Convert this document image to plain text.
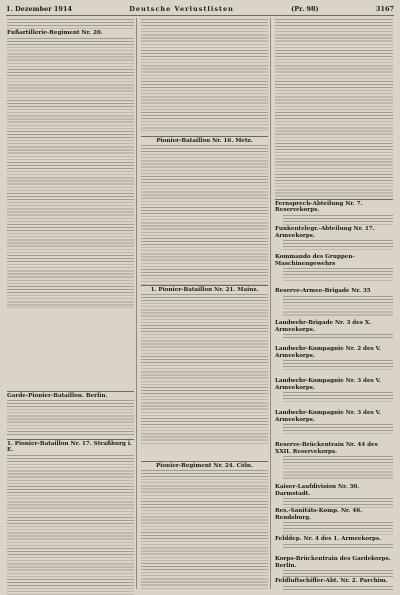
1. Dezember 1914	Deutsche Verlustlisten	(Pr. 98)	3167
Fußartillerie-Regiment Nr. 20.
Garde-Pionier-Bataillon. Berlin.
1. Pionier-Bataillon Nr. 17. Straßburg i. E.
Pionier-Bataillon Nr. 16. Metz.
1. Pionier-Bataillon Nr. 21. Mainz.
Pionier-Regiment Nr. 24. Cöln.
Fernsprech-Abteilung Nr. 7. Reservekorps.
Funkentelegr.-Abteilung Nr. 17. Armeekorps.
Kommando des Gruppen-Maschinengewehrs
Reserve-Armee-Brigade Nr. 35
Landwehr-Brigade Nr. 3 des X. Armeekorps.
Landwehr-Kompagnie Nr. 2 des V. Armeekorps.
Landwehr-Kompagnie Nr. 3 des V. Armeekorps.
Landwehr-Kompagnie Nr. 3 des V. Armeekorps.
Reserve-Brückentrain Nr. 44 des XXII. Reservekorps.
Kaiser-Laufdivision Nr. 30. Darmstadt.
Res.-Sanitäts-Komp. Nr. 46. Rendsburg.
Felddep. Nr. 4 des 1. Armeekorps.
Korps-Brückentrain des Gardekorps. Berlin.
Feldluftschiffer-Abt. Nr. 2. Parchim.
